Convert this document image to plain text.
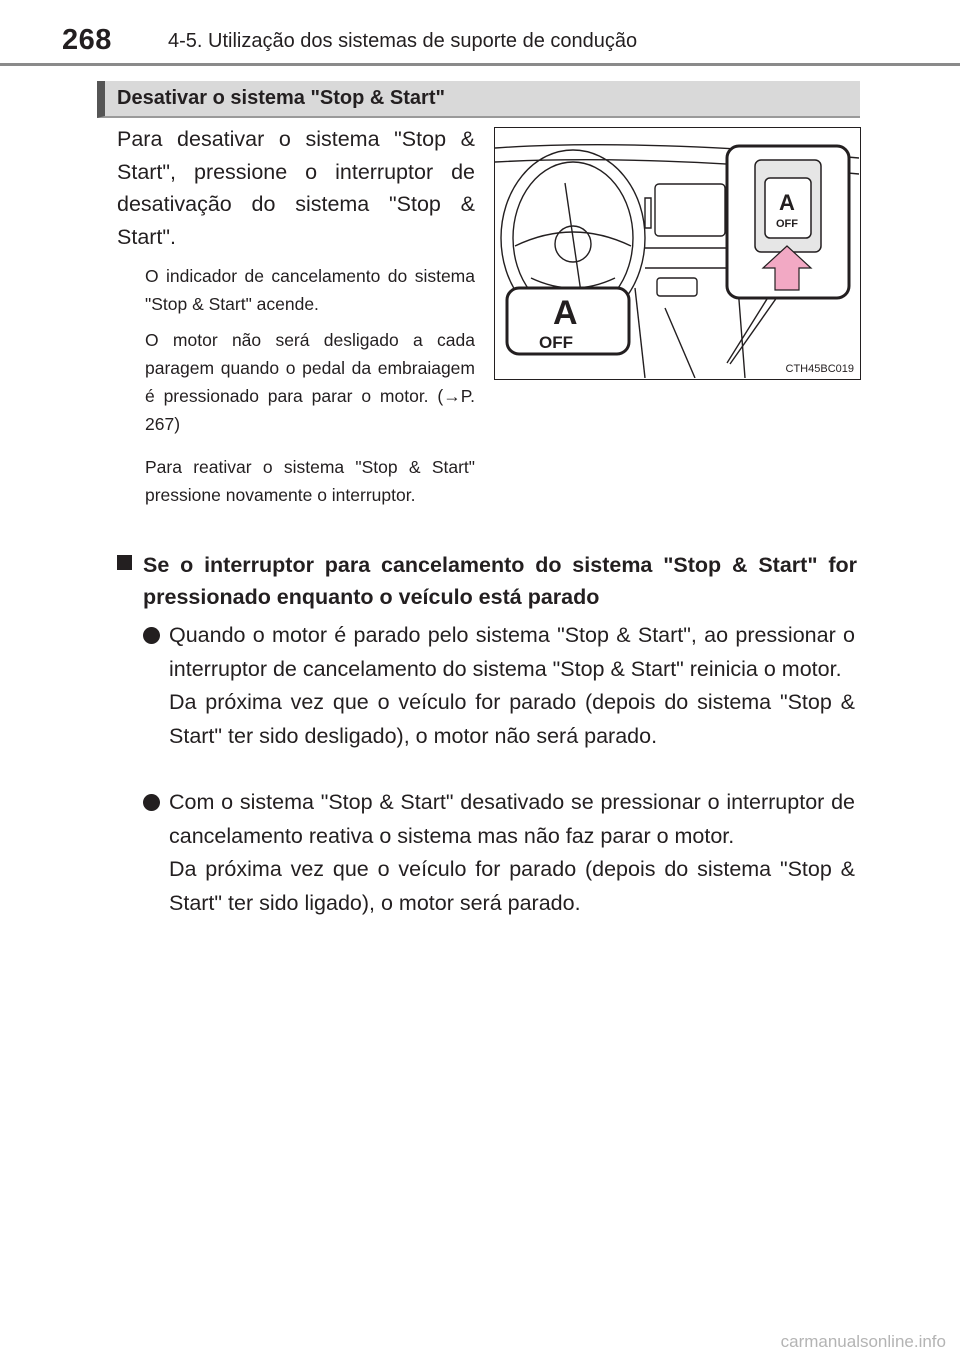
268	4-5. Utilização dos sistemas de suporte de condução
Desativar o sistema "Stop & Start"
Para desativar o sistema "Stop & Start", pressione o interruptor de desativação do sistema "Stop & Start".
O indicador de cancelamento do sistema "Stop & Start" acende.
O motor não será desligado a cada paragem quando o pedal da embraiagem é pressionado para parar o motor. (→P. 267)
Para reativar o sistema "Stop & Start" pressione novamente o interruptor.
A
OFF
A
OFF
CTH45BC019
Se o interruptor para cancelamento do sistema "Stop & Start" for pressionado enquanto o veículo está parado
Quando o motor é parado pelo sistema "Stop & Start", ao pressionar o interruptor de cancelamento do sistema "Stop & Start" reinicia o motor.
Da próxima vez que o veículo for parado (depois do sistema "Stop & Start" ter sido desligado), o motor não será parado.
Com o sistema "Stop & Start" desativado se pressionar o interruptor de cancelamento reativa o sistema mas não faz parar o motor.
Da próxima vez que o veículo for parado (depois do sistema "Stop & Start" ter sido ligado), o motor será parado.
carmanualsonline.info
